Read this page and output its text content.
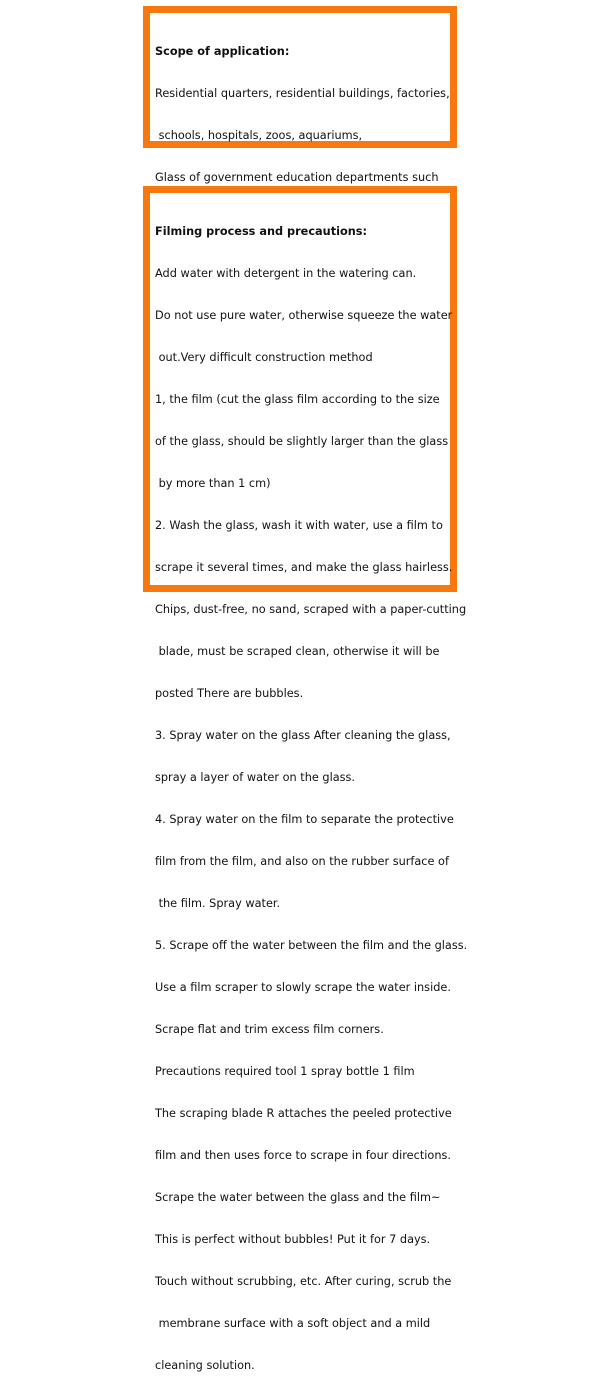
Scope of application:

Residential quarters, residential buildings, factories,

schools, hospitals, zoos, aquariums,

Glass of government education departments such

Filming process and precautions:

Add water with detergent in the watering can.

Do not use pure water, otherwise squeeze the water

out.Very difficult construction method

1, the film (cut the glass film according to the size

of the glass, should be slightly larger than the glass

by more than 1 cm)

2. Wash the glass, wash it with water, use a film to

scrape it several times, and make the glass hairless.

Chips, dust-free, no sand, scraped with a paper-cutting

blade, must be scraped clean, otherwise it will be

posted There are bubbles.

3. Spray water on the glass After cleaning the glass,

spray a layer of water on the glass.

4. Spray water on the film to separate the protective

film from the film, and also on the rubber surface of

the film. Spray water.

5. Scrape off the water between the film and the glass.

Use a film scraper to slowly scrape the water inside.

Scrape flat and trim excess film corners.

Precautions required tool 1 spray bottle 1 film

The scraping blade R attaches the peeled protective

film and then uses force to scrape in four directions.

Scrape the water between the glass and the film~

This is perfect without bubbles! Put it for 7 days.

Touch without scrubbing, etc. After curing, scrub the

membrane surface with a soft object and a mild

cleaning solution.
